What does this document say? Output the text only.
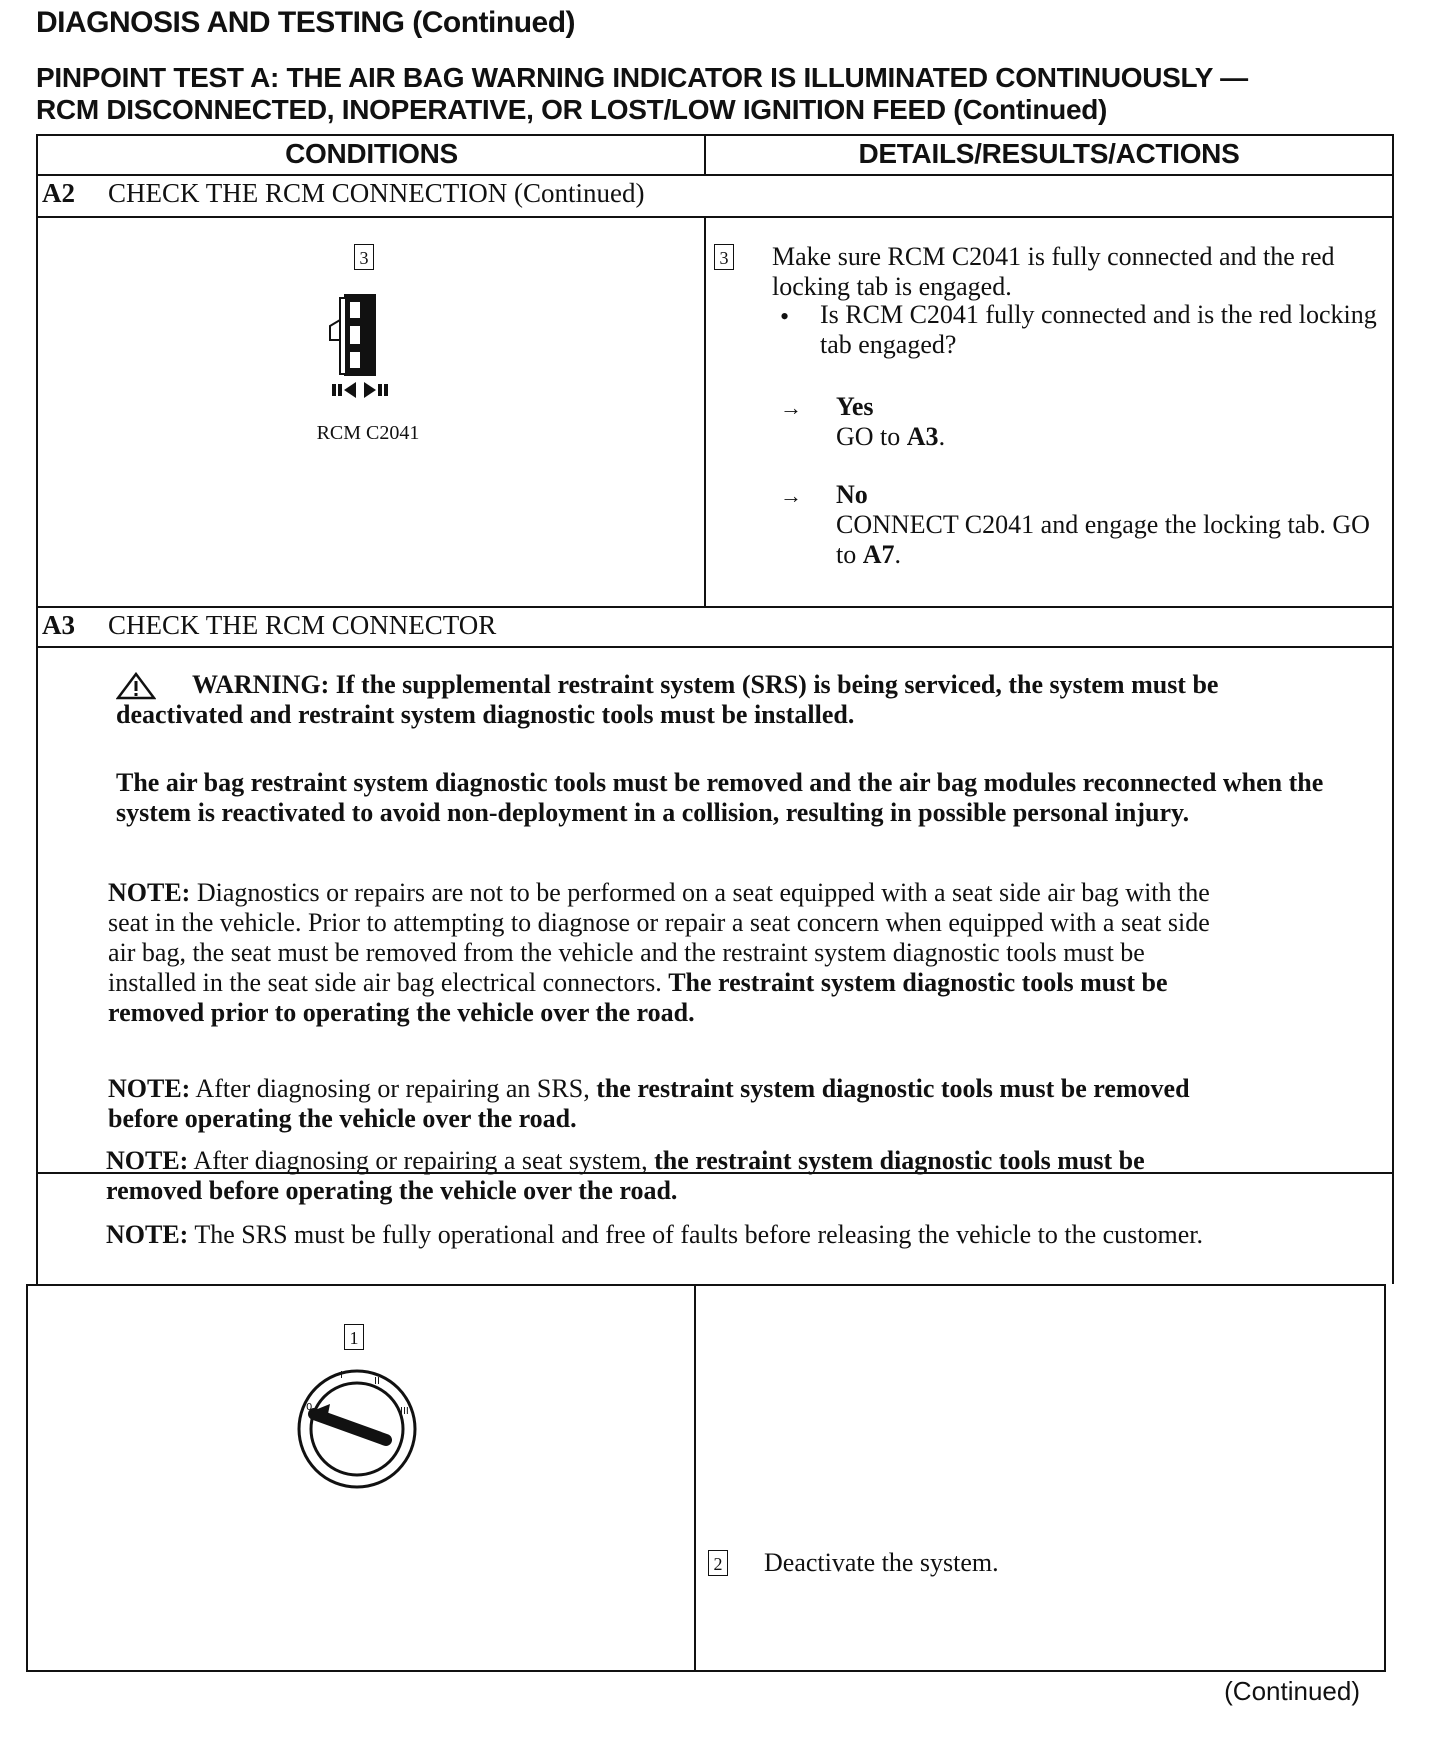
DIAGNOSIS AND TESTING (Continued)
PINPOINT TEST A: THE AIR BAG WARNING INDICATOR IS ILLUMINATED CONTINUOUSLY —
RCM DISCONNECTED, INOPERATIVE, OR LOST/LOW IGNITION FEED (Continued)
CONDITIONS	DETAILS/RESULTS/ACTIONS
A2 CHECK THE RCM CONNECTION (Continued)
3
RCM C2041
3 Make sure RCM C2041 is fully connected and the red locking tab is engaged.
• Is RCM C2041 fully connected and is the red locking tab engaged?
→ Yes
GO to A3.
→ No
CONNECT C2041 and engage the locking tab. GO to A7.
A3 CHECK THE RCM CONNECTOR
WARNING: If the supplemental restraint system (SRS) is being serviced, the system must be deactivated and restraint system diagnostic tools must be installed.
The air bag restraint system diagnostic tools must be removed and the air bag modules reconnected when the system is reactivated to avoid non-deployment in a collision, resulting in possible personal injury.
NOTE: Diagnostics or repairs are not to be performed on a seat equipped with a seat side air bag with the seat in the vehicle. Prior to attempting to diagnose or repair a seat concern when equipped with a seat side air bag, the seat must be removed from the vehicle and the restraint system diagnostic tools must be installed in the seat side air bag electrical connectors. The restraint system diagnostic tools must be removed prior to operating the vehicle over the road.
NOTE: After diagnosing or repairing an SRS, the restraint system diagnostic tools must be removed before operating the vehicle over the road.
NOTE: After diagnosing or repairing a seat system, the restraint system diagnostic tools must be removed before operating the vehicle over the road.
NOTE: The SRS must be fully operational and free of faults before releasing the vehicle to the customer.
1
0
I
II
III
2 Deactivate the system.
(Continued)
